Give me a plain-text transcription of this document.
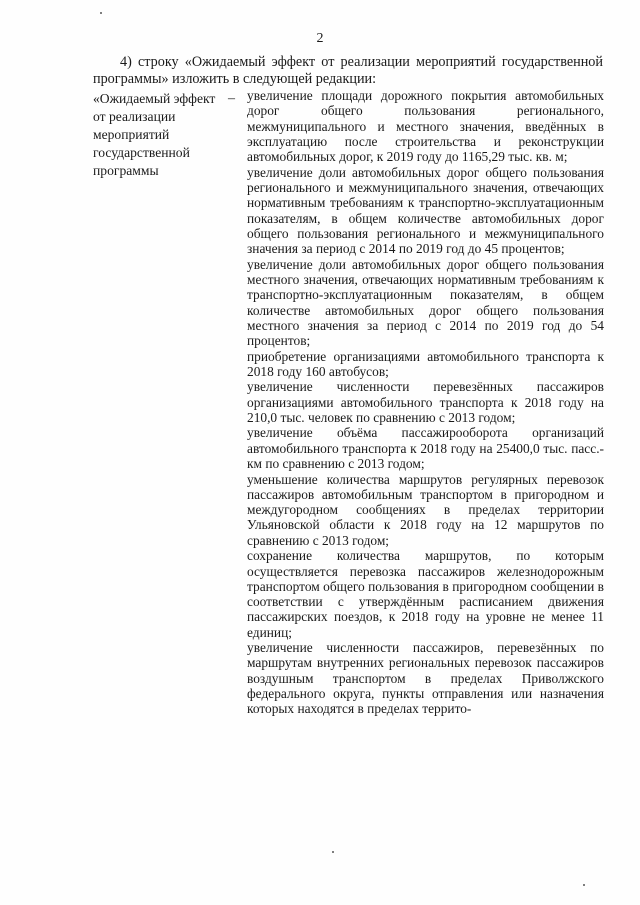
2
4) строку «Ожидаемый эффект от реализации мероприятий государственной программы» изложить в следующей редакции:
«Ожидаемый эффект от реализации мероприятий государственной программы
– увеличение площади дорожного покрытия автомобильных дорог общего пользования регионального, межмуниципального и местного значения, введённых в эксплуатацию после строительства и реконструкции автомобильных дорог, к 2019 году до 1165,29 тыс. кв. м;

увеличение доли автомобильных дорог общего пользования регионального и межмуниципального значения, отвечающих нормативным требованиям к транспортно-эксплуатационным показателям, в общем количестве автомобильных дорог общего пользования регионального и межмуниципального значения за период с 2014 по 2019 год до 45 процентов;

увеличение доли автомобильных дорог общего пользования местного значения, отвечающих нормативным требованиям к транспортно-эксплуатационным показателям, в общем количестве автомобильных дорог общего пользования местного значения за период с 2014 по 2019 год до 54 процентов;

приобретение организациями автомобильного транспорта к 2018 году 160 автобусов;

увеличение численности перевезённых пассажиров организациями автомобильного транспорта к 2018 году на 210,0 тыс. человек по сравнению с 2013 годом;

увеличение объёма пассажирооборота организаций автомобильного транспорта к 2018 году на 25400,0 тыс. пасс.-км по сравнению с 2013 годом;

уменьшение количества маршрутов регулярных перевозок пассажиров автомобильным транспортом в пригородном и междугородном сообщениях в пределах территории Ульяновской области к 2018 году на 12 маршрутов по сравнению с 2013 годом;

сохранение количества маршрутов, по которым осуществляется перевозка пассажиров железнодорожным транспортом общего пользования в пригородном сообщении в соответствии с утверждённым расписанием движения пассажирских поездов, к 2018 году на уровне не менее 11 единиц;

увеличение численности пассажиров, перевезённых по маршрутам внутренних региональных перевозок пассажиров воздушным транспортом в пределах Приволжского федерального округа, пункты отправления или назначения которых находятся в пределах террито-
